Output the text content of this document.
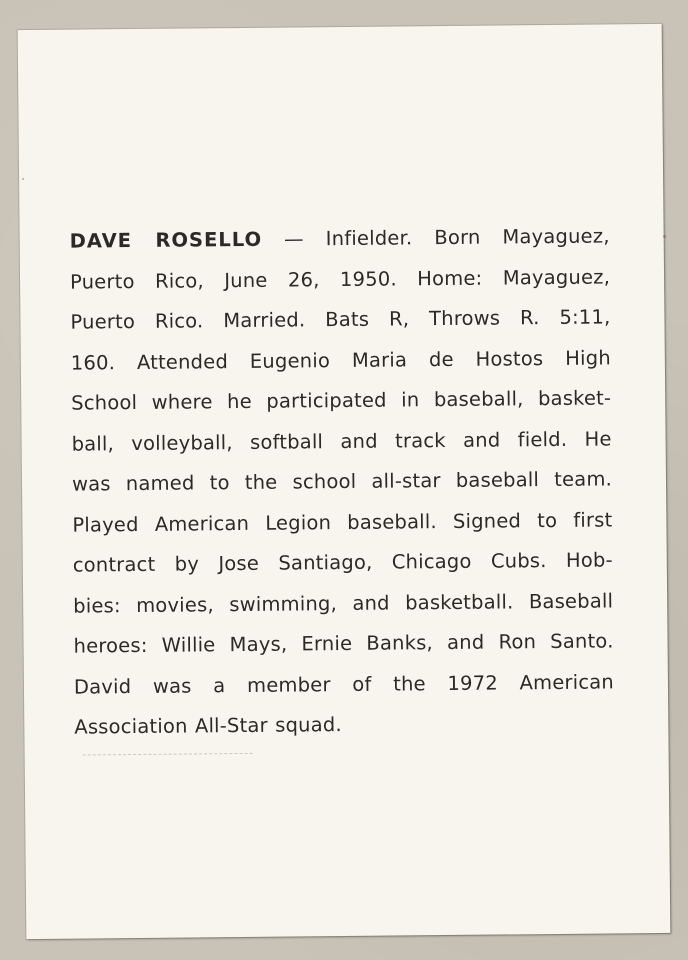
DAVE ROSELLO — Infielder. Born Mayaguez,
Puerto Rico, June 26, 1950. Home: Mayaguez,
Puerto Rico. Married. Bats R, Throws R. 5:11,
160. Attended Eugenio Maria de Hostos High
School where he participated in baseball, basket-
ball, volleyball, softball and track and field. He
was named to the school all-star baseball team.
Played American Legion baseball. Signed to first
contract by Jose Santiago, Chicago Cubs. Hob-
bies: movies, swimming, and basketball. Baseball
heroes: Willie Mays, Ernie Banks, and Ron Santo.
David was a member of the 1972 American
Association All-Star squad.
